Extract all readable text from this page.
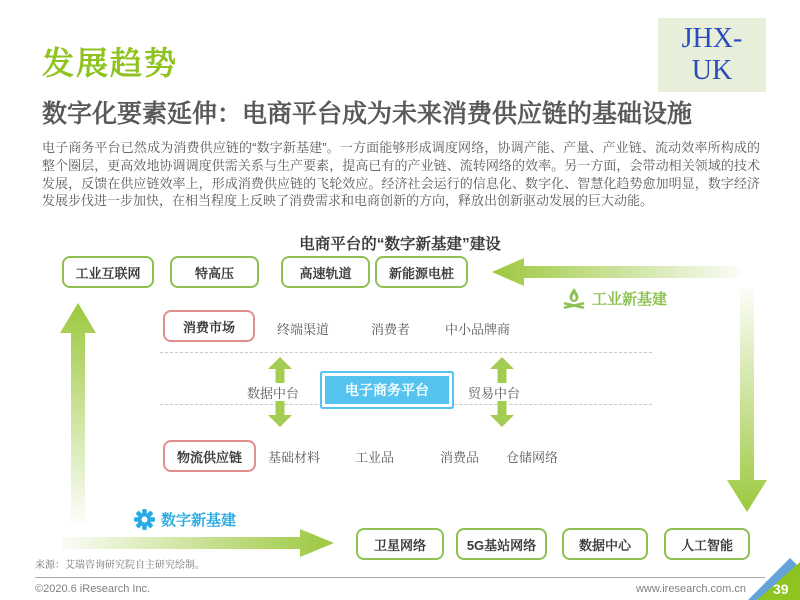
发展趋势
JHX-
UK
数字化要素延伸：电商平台成为未来消费供应链的基础设施
电子商务平台已然成为消费供应链的“数字新基建”。一方面能够形成调度网络，协调产能、产量、产业链、流动效率所构成的整个圈层，更高效地协调调度供需关系与生产要素，提高已有的产业链、流转网络的效率。另一方面，会带动相关领域的技术发展，反馈在供应链效率上，形成消费供应链的飞轮效应。经济社会运行的信息化、数字化、智慧化趋势愈加明显，数字经济发展步伐进一步加快，在相当程度上反映了消费需求和电商创新的方向，释放出创新驱动发展的巨大动能。
电商平台的“数字新基建”建设
工业互联网	特高压	高速轨道	新能源电桩
工业新基建
消费市场	终端渠道	消费者	中小品牌商
数据中台	电子商务平台	贸易中台
物流供应链	基础材料	工业品	消费品 仓储网络
数字新基建
卫星网络	5G基站网络	数据中心	人工智能
来源：艾瑞咨询研究院自主研究绘制。
©2020.6 iResearch Inc.	www.iresearch.com.cn 39
